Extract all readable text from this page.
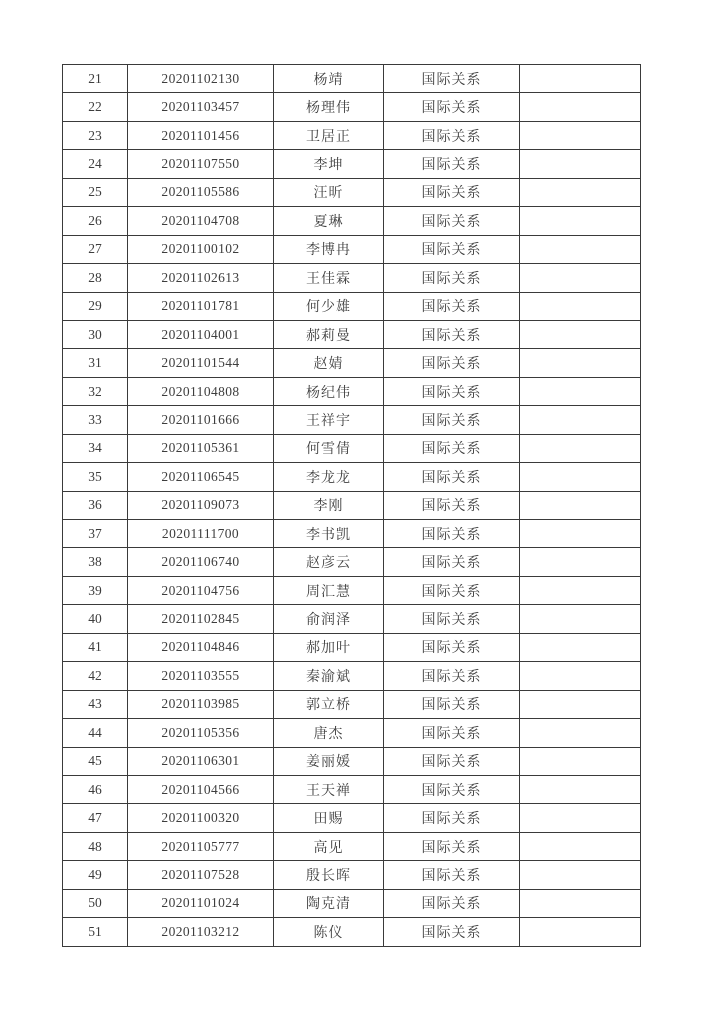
21	20201102130	杨靖	国际关系	
22	20201103457	杨理伟	国际关系	
23	20201101456	卫居正	国际关系	
24	20201107550	李坤	国际关系	
25	20201105586	汪昕	国际关系	
26	20201104708	夏琳	国际关系	
27	20201100102	李博冉	国际关系	
28	20201102613	王佳霖	国际关系	
29	20201101781	何少雄	国际关系	
30	20201104001	郝莉曼	国际关系	
31	20201101544	赵婧	国际关系	
32	20201104808	杨纪伟	国际关系	
33	20201101666	王祥宇	国际关系	
34	20201105361	何雪倩	国际关系	
35	20201106545	李龙龙	国际关系	
36	20201109073	李刚	国际关系	
37	20201111700	李书凯	国际关系	
38	20201106740	赵彦云	国际关系	
39	20201104756	周汇慧	国际关系	
40	20201102845	俞润泽	国际关系	
41	20201104846	郝加叶	国际关系	
42	20201103555	秦渝斌	国际关系	
43	20201103985	郭立桥	国际关系	
44	20201105356	唐杰	国际关系	
45	20201106301	姜丽媛	国际关系	
46	20201104566	王天禅	国际关系	
47	20201100320	田赐	国际关系	
48	20201105777	高见	国际关系	
49	20201107528	殷长晖	国际关系	
50	20201101024	陶克清	国际关系	
51	20201103212	陈仪	国际关系	
